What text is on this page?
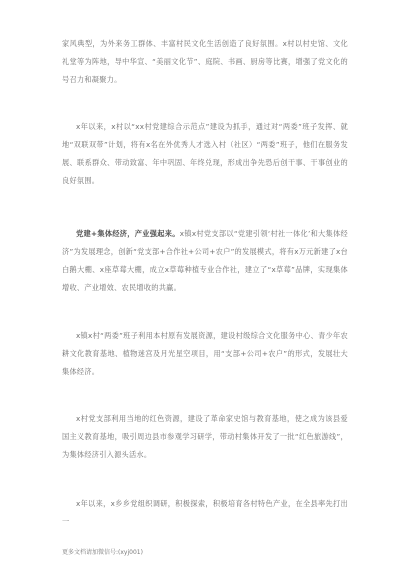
家风典型，为外来务工群体、丰富村民文化生活创造了良好氛围。x村以村史馆、文化礼堂等为阵地，导中华宣、“美丽文化节”、庭院、书画、厨房等比赛，增强了党文化的号召力和凝聚力。

x年以来，x村以“xx村党建综合示范点”建设为抓手，通过对“两委”班子发挥、就地“双联双带”计划，将有x名在外优秀人才选入村（社区）“两委”班子，他们在服务发展、联系群众、带动致富、年中巩固、年终兑现，形成出争先恐后创干事、干事创业的良好氛围。

党建+集体经济，产业强起来。x镇x村党支部以“党建引领‘村社一体化’和大集体经济”为发展理念，创新“党支部+合作社+公司+农户”的发展模式，将有x万元新建了x台白鹅大棚、x座草莓大棚，成立x草莓种植专业合作社，建立了“x草莓”品牌，实现集体增收、产业增效、农民增收的共赢。

x镇x村“两委”班子利用本村原有发展资源，建设村级综合文化服务中心、青少年农耕文化教育基地、植物迷宫及月光星空项目，用“支部+公司+农户”的形式，发展壮大集体经济。

x村党支部利用当地的红色资源，建设了革命家史馆与教育基地，使之成为该县爱国主义教育基地，吸引周边县市参观学习研学，带动村集体开发了一批“红色旅游线”，为集体经济引入源头活水。

x年以来，x乡乡党组织调研，积极探索，积极培育各村特色产业，在全县率先打出一

更多文档请加微信号:(xyj001)
